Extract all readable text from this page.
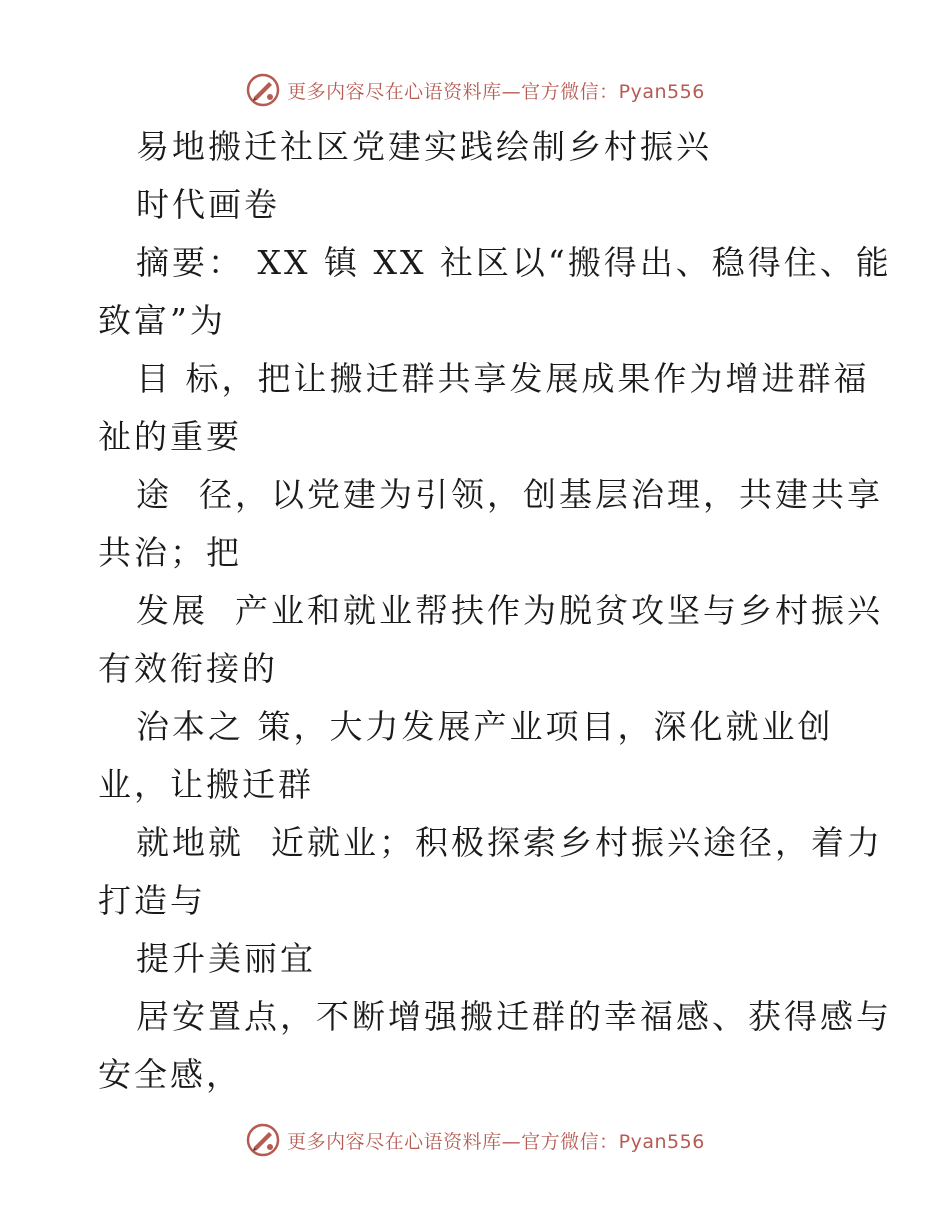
更多内容尽在心语资料库—官方微信：Pyan556
易地搬迁社区党建实践绘制乡村振兴
时代画卷
摘要： XX 镇 XX 社区以“搬得出、稳得住、能
致富”为
目 标，把让搬迁群共享发展成果作为增进群福
祉的重要
途  径，以党建为引领，创基层治理，共建共享
共治；把
发展  产业和就业帮扶作为脱贫攻坚与乡村振兴
有效衔接的
治本之 策，大力发展产业项目，深化就业创
业，让搬迁群
就地就  近就业；积极探索乡村振兴途径，着力
打造与
提升美丽宜
居安置点，不断增强搬迁群的幸福感、获得感与
安全感，
更多内容尽在心语资料库—官方微信：Pyan556
